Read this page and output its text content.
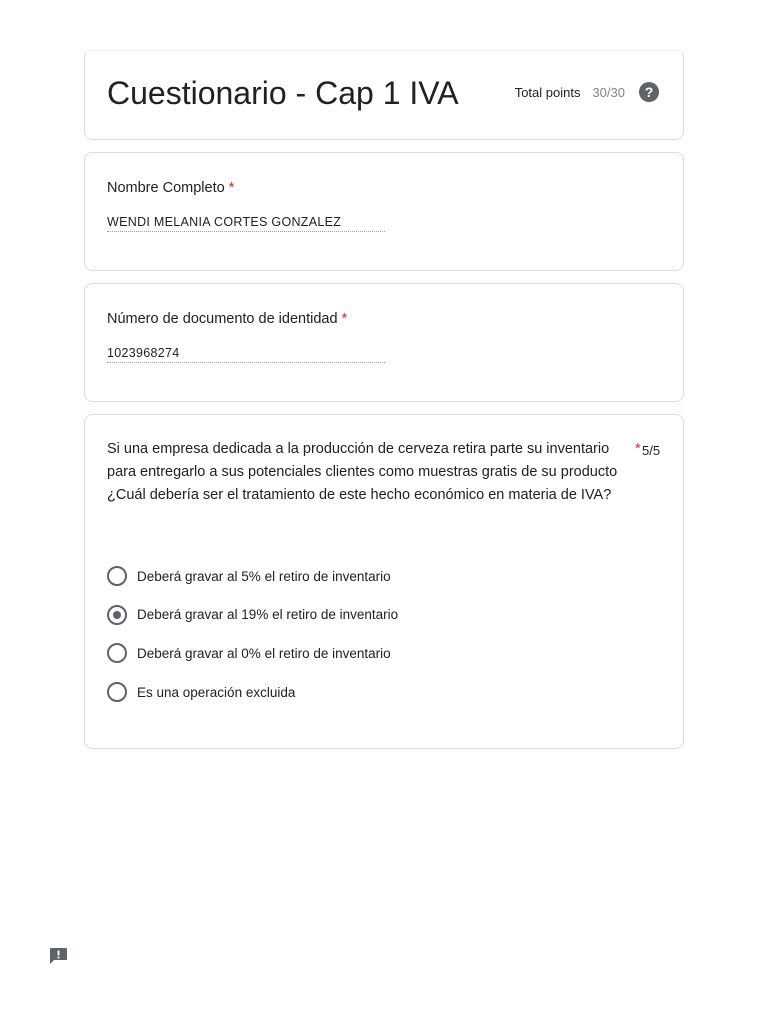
Cuestionario - Cap 1 IVA	Total points 30/30	?
Nombre Completo *
WENDI MELANIA CORTES GONZALEZ
Número de documento de identidad *
1023968274
Si una empresa dedicada a la producción de cerveza retira parte su inventario para entregarlo a sus potenciales clientes como muestras gratis de su producto ¿Cuál debería ser el tratamiento de este hecho económico en materia de IVA?
* 5/5
Deberá gravar al 5% el retiro de inventario
Deberá gravar al 19% el retiro de inventario
Deberá gravar al 0% el retiro de inventario
Es una operación excluida
